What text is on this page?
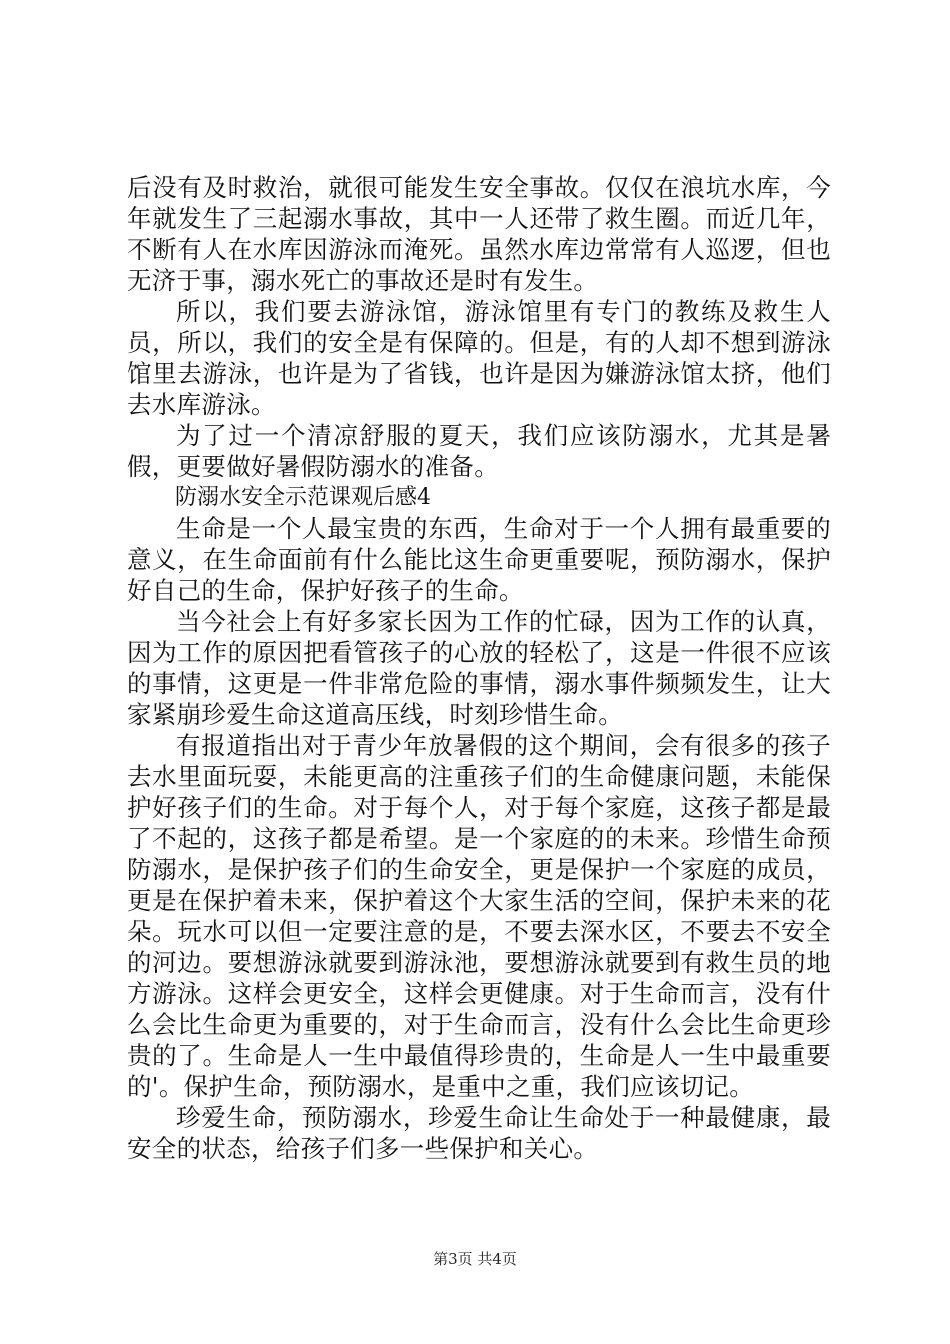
后没有及时救治，就很可能发生安全事故。仅仅在浪坑水库，今年就发生了三起溺水事故，其中一人还带了救生圈。而近几年，不断有人在水库因游泳而淹死。虽然水库边常常有人巡逻，但也无济于事，溺水死亡的事故还是时有发生。

所以，我们要去游泳馆，游泳馆里有专门的教练及救生人员，所以，我们的安全是有保障的。但是，有的人却不想到游泳馆里去游泳，也许是为了省钱，也许是因为嫌游泳馆太挤，他们去水库游泳。

为了过一个清凉舒服的夏天，我们应该防溺水，尤其是暑假，更要做好暑假防溺水的准备。

防溺水安全示范课观后感4

生命是一个人最宝贵的东西，生命对于一个人拥有最重要的意义，在生命面前有什么能比这生命更重要呢，预防溺水，保护好自己的生命，保护好孩子的生命。

当今社会上有好多家长因为工作的忙碌，因为工作的认真，因为工作的原因把看管孩子的心放的轻松了，这是一件很不应该的事情，这更是一件非常危险的事情，溺水事件频频发生，让大家紧崩珍爱生命这道高压线，时刻珍惜生命。

有报道指出对于青少年放暑假的这个期间，会有很多的孩子去水里面玩耍，未能更高的注重孩子们的生命健康问题，未能保护好孩子们的生命。对于每个人，对于每个家庭，这孩子都是最了不起的，这孩子都是希望。是一个家庭的的未来。珍惜生命预防溺水，是保护孩子们的生命安全，更是保护一个家庭的成员，更是在保护着未来，保护着这个大家生活的空间，保护未来的花朵。玩水可以但一定要注意的是，不要去深水区，不要去不安全的河边。要想游泳就要到游泳池，要想游泳就要到有救生员的地方游泳。这样会更安全，这样会更健康。对于生命而言，没有什么会比生命更为重要的，对于生命而言，没有什么会比生命更珍贵的了。生命是人一生中最值得珍贵的，生命是人一生中最重要的'。保护生命，预防溺水，是重中之重，我们应该切记。

珍爱生命，预防溺水，珍爱生命让生命处于一种最健康，最安全的状态，给孩子们多一些保护和关心。

第3页 共4页
